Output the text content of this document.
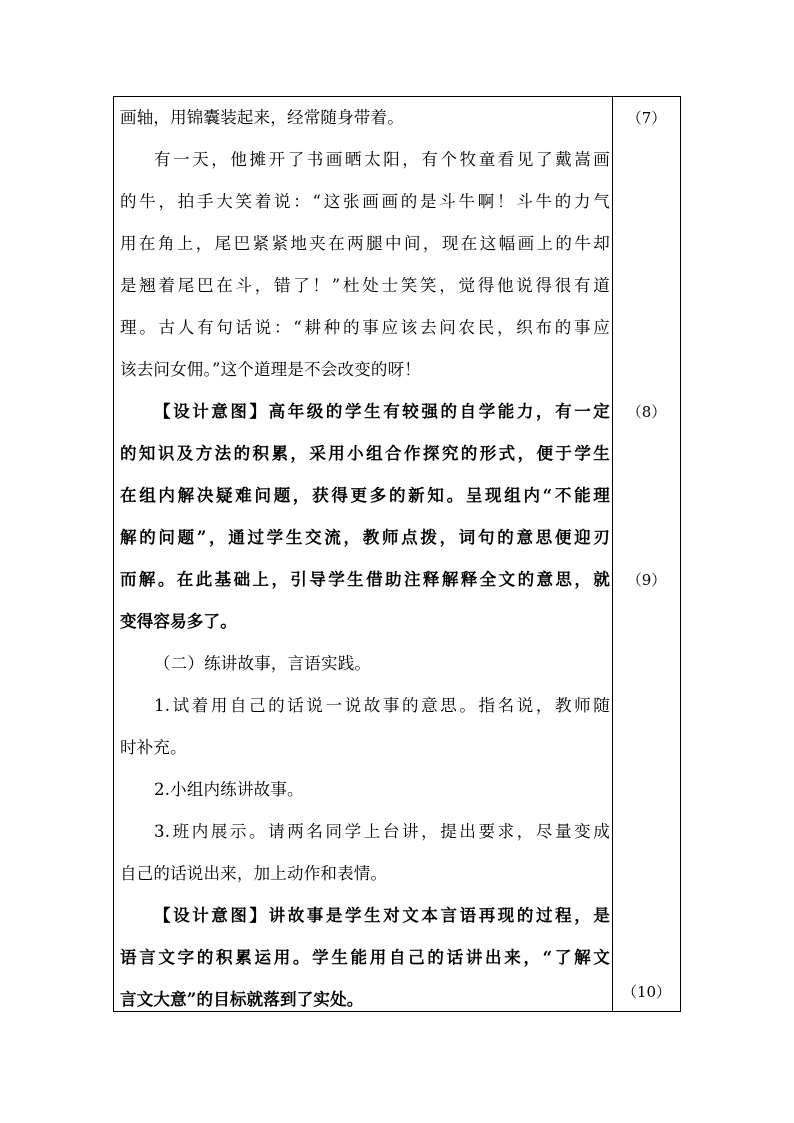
画轴，用锦囊装起来，经常随身带着。
有一天，他摊开了书画晒太阳，有个牧童看见了戴嵩画
的牛，拍手大笑着说：“这张画画的是斗牛啊！斗牛的力气
用在角上，尾巴紧紧地夹在两腿中间，现在这幅画上的牛却
是翘着尾巴在斗，错了！”杜处士笑笑，觉得他说得很有道
理。古人有句话说：“耕种的事应该去问农民，织布的事应
该去问女佣。”这个道理是不会改变的呀！
【设计意图】高年级的学生有较强的自学能力，有一定
的知识及方法的积累，采用小组合作探究的形式，便于学生
在组内解决疑难问题，获得更多的新知。呈现组内“不能理
解的问题”，通过学生交流，教师点拨，词句的意思便迎刃
而解。在此基础上，引导学生借助注释解释全文的意思，就
变得容易多了。
（二）练讲故事，言语实践。
1.试着用自己的话说一说故事的意思。指名说，教师随
时补充。
2.小组内练讲故事。
3.班内展示。请两名同学上台讲，提出要求，尽量变成
自己的话说出来，加上动作和表情。
【设计意图】讲故事是学生对文本言语再现的过程，是
语言文字的积累运用。学生能用自己的话讲出来，“了解文
言文大意”的目标就落到了实处。
（7）
（8）
（9）
（10）
